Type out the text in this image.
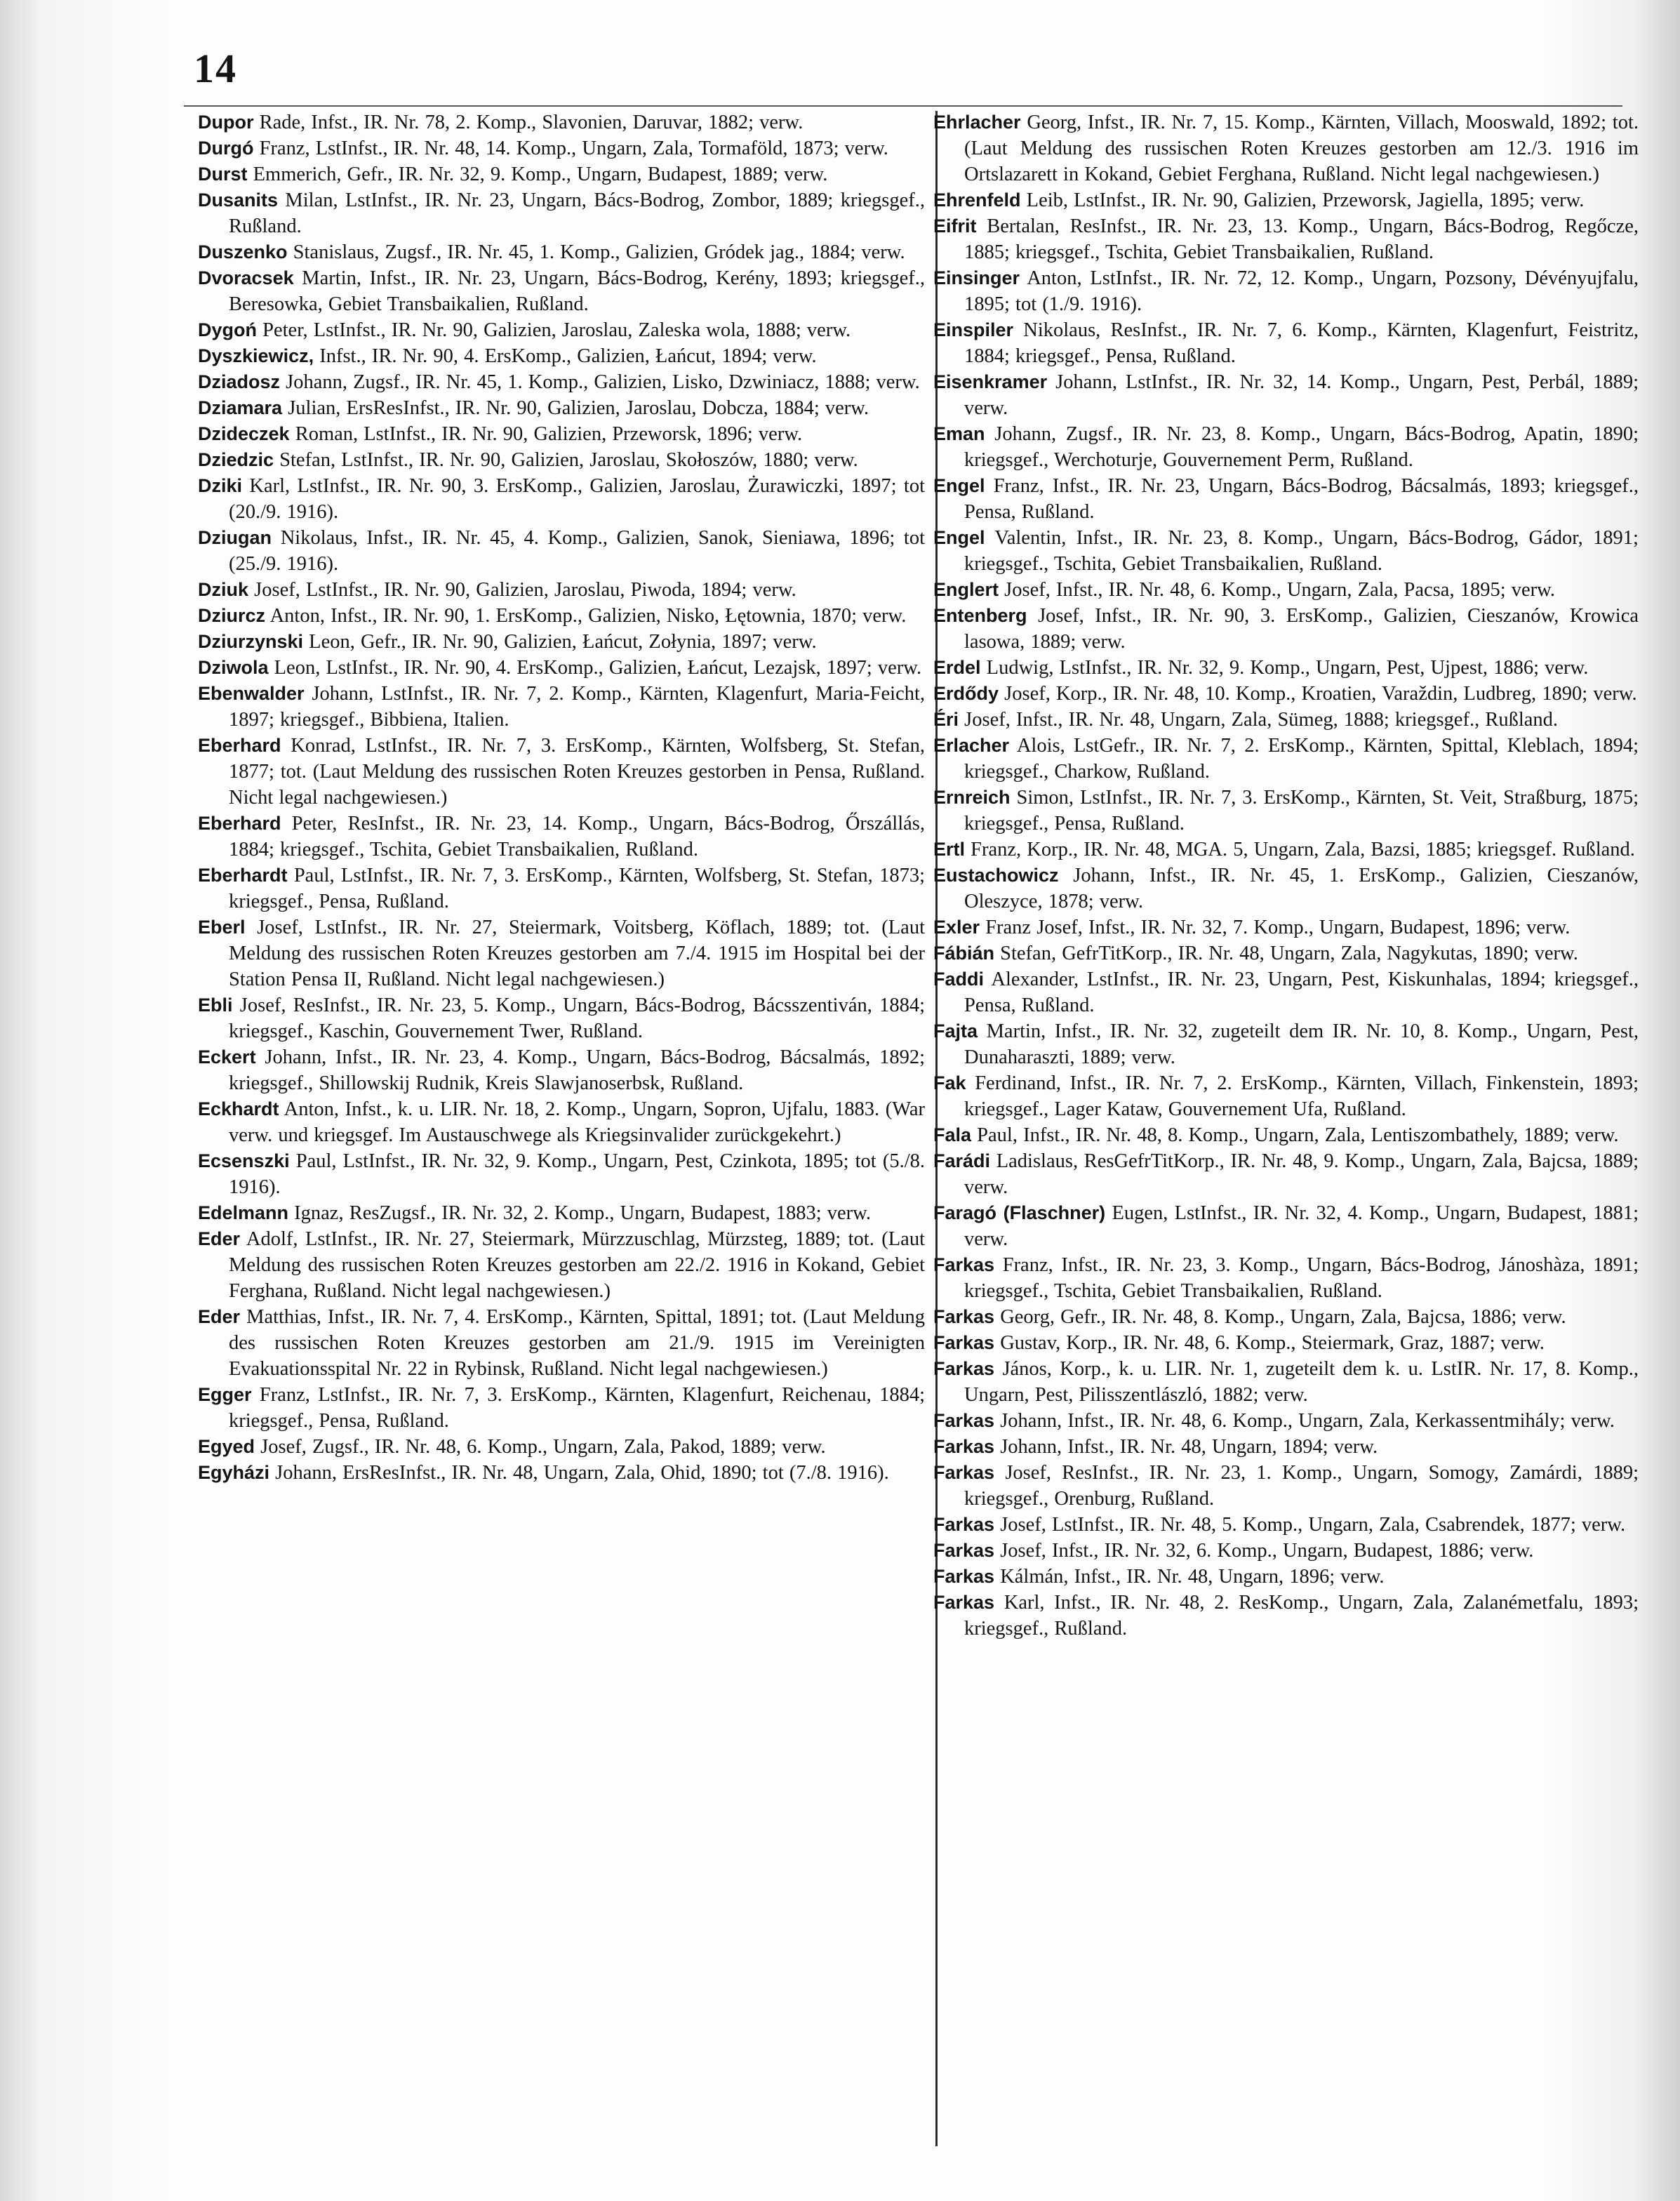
14

Dupor Rade, Infst., IR. Nr. 78, 2. Komp., Slavonien, Daruvar, 1882; verw.

Durgó Franz, LstInfst., IR. Nr. 48, 14. Komp., Ungarn, Zala, Tormaföld, 1873; verw.

Durst Emmerich, Gefr., IR. Nr. 32, 9. Komp., Ungarn, Budapest, 1889; verw.

Dusanits Milan, LstInfst., IR. Nr. 23, Ungarn, Bács-Bodrog, Zombor, 1889; kriegsgef., Rußland.

Duszenko Stanislaus, Zugsf., IR. Nr. 45, 1. Komp., Galizien, Gródek jag., 1884; verw.

Dvoracsek Martin, Infst., IR. Nr. 23, Ungarn, Bács-Bodrog, Kerény, 1893; kriegsgef., Beresowka, Gebiet Transbaikalien, Rußland.

Dygoń Peter, LstInfst., IR. Nr. 90, Galizien, Jaroslau, Zaleska wola, 1888; verw.

Dyszkiewicz, Infst., IR. Nr. 90, 4. ErsKomp., Galizien, Łańcut, 1894; verw.

Dziadosz Johann, Zugsf., IR. Nr. 45, 1. Komp., Galizien, Lisko, Dzwiniacz, 1888; verw.

Dziamara Julian, ErsResInfst., IR. Nr. 90, Galizien, Jaroslau, Dobcza, 1884; verw.

Dzideczek Roman, LstInfst., IR. Nr. 90, Galizien, Przeworsk, 1896; verw.

Dziedzic Stefan, LstInfst., IR. Nr. 90, Galizien, Jaroslau, Skołoszów, 1880; verw.

Dziki Karl, LstInfst., IR. Nr. 90, 3. ErsKomp., Galizien, Jaroslau, Żurawiczki, 1897; tot (20./9. 1916).

Dziugan Nikolaus, Infst., IR. Nr. 45, 4. Komp., Galizien, Sanok, Sieniawa, 1896; tot (25./9. 1916).

Dziuk Josef, LstInfst., IR. Nr. 90, Galizien, Jaroslau, Piwoda, 1894; verw.

Dziurcz Anton, Infst., IR. Nr. 90, 1. ErsKomp., Galizien, Nisko, Łętownia, 1870; verw.

Dziurzynski Leon, Gefr., IR. Nr. 90, Galizien, Łańcut, Zołynia, 1897; verw.

Dziwola Leon, LstInfst., IR. Nr. 90, 4. ErsKomp., Galizien, Łańcut, Lezajsk, 1897; verw.

Ebenwalder Johann, LstInfst., IR. Nr. 7, 2. Komp., Kärnten, Klagenfurt, Maria-Feicht, 1897; kriegsgef., Bibbiena, Italien.

Eberhard Konrad, LstInfst., IR. Nr. 7, 3. ErsKomp., Kärnten, Wolfsberg, St. Stefan, 1877; tot. (Laut Meldung des russischen Roten Kreuzes gestorben in Pensa, Rußland. Nicht legal nachgewiesen.)

Eberhard Peter, ResInfst., IR. Nr. 23, 14. Komp., Ungarn, Bács-Bodrog, Őrszállás, 1884; kriegsgef., Tschita, Gebiet Transbaikalien, Rußland.

Eberhardt Paul, LstInfst., IR. Nr. 7, 3. ErsKomp., Kärnten, Wolfsberg, St. Stefan, 1873; kriegsgef., Pensa, Rußland.

Eberl Josef, LstInfst., IR. Nr. 27, Steiermark, Voitsberg, Köflach, 1889; tot. (Laut Meldung des russischen Roten Kreuzes gestorben am 7./4. 1915 im Hospital bei der Station Pensa II, Rußland. Nicht legal nachgewiesen.)

Ebli Josef, ResInfst., IR. Nr. 23, 5. Komp., Ungarn, Bács-Bodrog, Bácsszentiván, 1884; kriegsgef., Kaschin, Gouvernement Twer, Rußland.

Eckert Johann, Infst., IR. Nr. 23, 4. Komp., Ungarn, Bács-Bodrog, Bácsalmás, 1892; kriegsgef., Shillowskij Rudnik, Kreis Slawjanoserbsk, Rußland.

Eckhardt Anton, Infst., k. u. LIR. Nr. 18, 2. Komp., Ungarn, Sopron, Ujfalu, 1883. (War verw. und kriegsgef. Im Austauschwege als Kriegsinvalider zurückgekehrt.)

Ecsenszki Paul, LstInfst., IR. Nr. 32, 9. Komp., Ungarn, Pest, Czinkota, 1895; tot (5./8. 1916).

Edelmann Ignaz, ResZugsf., IR. Nr. 32, 2. Komp., Ungarn, Budapest, 1883; verw.

Eder Adolf, LstInfst., IR. Nr. 27, Steiermark, Mürzzuschlag, Mürzsteg, 1889; tot. (Laut Meldung des russischen Roten Kreuzes gestorben am 22./2. 1916 in Kokand, Gebiet Ferghana, Rußland. Nicht legal nachgewiesen.)

Eder Matthias, Infst., IR. Nr. 7, 4. ErsKomp., Kärnten, Spittal, 1891; tot. (Laut Meldung des russischen Roten Kreuzes gestorben am 21./9. 1915 im Vereinigten Evakuationsspital Nr. 22 in Rybinsk, Rußland. Nicht legal nachgewiesen.)

Egger Franz, LstInfst., IR. Nr. 7, 3. ErsKomp., Kärnten, Klagenfurt, Reichenau, 1884; kriegsgef., Pensa, Rußland.

Egyed Josef, Zugsf., IR. Nr. 48, 6. Komp., Ungarn, Zala, Pakod, 1889; verw.

Egyházi Johann, ErsResInfst., IR. Nr. 48, Ungarn, Zala, Ohid, 1890; tot (7./8. 1916).

Ehrlacher Georg, Infst., IR. Nr. 7, 15. Komp., Kärnten, Villach, Mooswald, 1892; tot. (Laut Meldung des russischen Roten Kreuzes gestorben am 12./3. 1916 im Ortslazarett in Kokand, Gebiet Ferghana, Rußland. Nicht legal nachgewiesen.)

Ehrenfeld Leib, LstInfst., IR. Nr. 90, Galizien, Przeworsk, Jagiella, 1895; verw.

Eifrit Bertalan, ResInfst., IR. Nr. 23, 13. Komp., Ungarn, Bács-Bodrog, Regőcze, 1885; kriegsgef., Tschita, Gebiet Transbaikalien, Rußland.

Einsinger Anton, LstInfst., IR. Nr. 72, 12. Komp., Ungarn, Pozsony, Dévényujfalu, 1895; tot (1./9. 1916).

Einspiler Nikolaus, ResInfst., IR. Nr. 7, 6. Komp., Kärnten, Klagenfurt, Feistritz, 1884; kriegsgef., Pensa, Rußland.

Eisenkramer Johann, LstInfst., IR. Nr. 32, 14. Komp., Ungarn, Pest, Perbál, 1889; verw.

Eman Johann, Zugsf., IR. Nr. 23, 8. Komp., Ungarn, Bács-Bodrog, Apatin, 1890; kriegsgef., Werchoturje, Gouvernement Perm, Rußland.

Engel Franz, Infst., IR. Nr. 23, Ungarn, Bács-Bodrog, Bácsalmás, 1893; kriegsgef., Pensa, Rußland.

Engel Valentin, Infst., IR. Nr. 23, 8. Komp., Ungarn, Bács-Bodrog, Gádor, 1891; kriegsgef., Tschita, Gebiet Transbaikalien, Rußland.

Englert Josef, Infst., IR. Nr. 48, 6. Komp., Ungarn, Zala, Pacsa, 1895; verw.

Entenberg Josef, Infst., IR. Nr. 90, 3. ErsKomp., Galizien, Cieszanów, Krowica lasowa, 1889; verw.

Erdel Ludwig, LstInfst., IR. Nr. 32, 9. Komp., Ungarn, Pest, Ujpest, 1886; verw.

Erdődy Josef, Korp., IR. Nr. 48, 10. Komp., Kroatien, Varaždin, Ludbreg, 1890; verw.

Éri Josef, Infst., IR. Nr. 48, Ungarn, Zala, Sümeg, 1888; kriegsgef., Rußland.

Erlacher Alois, LstGefr., IR. Nr. 7, 2. ErsKomp., Kärnten, Spittal, Kleblach, 1894; kriegsgef., Charkow, Rußland.

Ernreich Simon, LstInfst., IR. Nr. 7, 3. ErsKomp., Kärnten, St. Veit, Straßburg, 1875; kriegsgef., Pensa, Rußland.

Ertl Franz, Korp., IR. Nr. 48, MGA. 5, Ungarn, Zala, Bazsi, 1885; kriegsgef. Rußland.

Eustachowicz Johann, Infst., IR. Nr. 45, 1. ErsKomp., Galizien, Cieszanów, Oleszyce, 1878; verw.

Exler Franz Josef, Infst., IR. Nr. 32, 7. Komp., Ungarn, Budapest, 1896; verw.

Fábián Stefan, GefrTitKorp., IR. Nr. 48, Ungarn, Zala, Nagykutas, 1890; verw.

Faddi Alexander, LstInfst., IR. Nr. 23, Ungarn, Pest, Kiskunhalas, 1894; kriegsgef., Pensa, Rußland.

Fajta Martin, Infst., IR. Nr. 32, zugeteilt dem IR. Nr. 10, 8. Komp., Ungarn, Pest, Dunaharaszti, 1889; verw.

Fak Ferdinand, Infst., IR. Nr. 7, 2. ErsKomp., Kärnten, Villach, Finkenstein, 1893; kriegsgef., Lager Kataw, Gouvernement Ufa, Rußland.

Fala Paul, Infst., IR. Nr. 48, 8. Komp., Ungarn, Zala, Lentiszombathely, 1889; verw.

Farádi Ladislaus, ResGefrTitKorp., IR. Nr. 48, 9. Komp., Ungarn, Zala, Bajcsa, 1889; verw.

Faragó (Flaschner) Eugen, LstInfst., IR. Nr. 32, 4. Komp., Ungarn, Budapest, 1881; verw.

Farkas Franz, Infst., IR. Nr. 23, 3. Komp., Ungarn, Bács-Bodrog, Jánoshàza, 1891; kriegsgef., Tschita, Gebiet Transbaikalien, Rußland.

Farkas Georg, Gefr., IR. Nr. 48, 8. Komp., Ungarn, Zala, Bajcsa, 1886; verw.

Farkas Gustav, Korp., IR. Nr. 48, 6. Komp., Steiermark, Graz, 1887; verw.

Farkas János, Korp., k. u. LIR. Nr. 1, zugeteilt dem k. u. LstIR. Nr. 17, 8. Komp., Ungarn, Pest, Pilisszentlászló, 1882; verw.

Farkas Johann, Infst., IR. Nr. 48, 6. Komp., Ungarn, Zala, Kerkassentmihály; verw.

Farkas Johann, Infst., IR. Nr. 48, Ungarn, 1894; verw.

Farkas Josef, ResInfst., IR. Nr. 23, 1. Komp., Ungarn, Somogy, Zamárdi, 1889; kriegsgef., Orenburg, Rußland.

Farkas Josef, LstInfst., IR. Nr. 48, 5. Komp., Ungarn, Zala, Csabrendek, 1877; verw.

Farkas Josef, Infst., IR. Nr. 32, 6. Komp., Ungarn, Budapest, 1886; verw.

Farkas Kálmán, Infst., IR. Nr. 48, Ungarn, 1896; verw.

Farkas Karl, Infst., IR. Nr. 48, 2. ResKomp., Ungarn, Zala, Zalanémetfalu, 1893; kriegsgef., Rußland.
